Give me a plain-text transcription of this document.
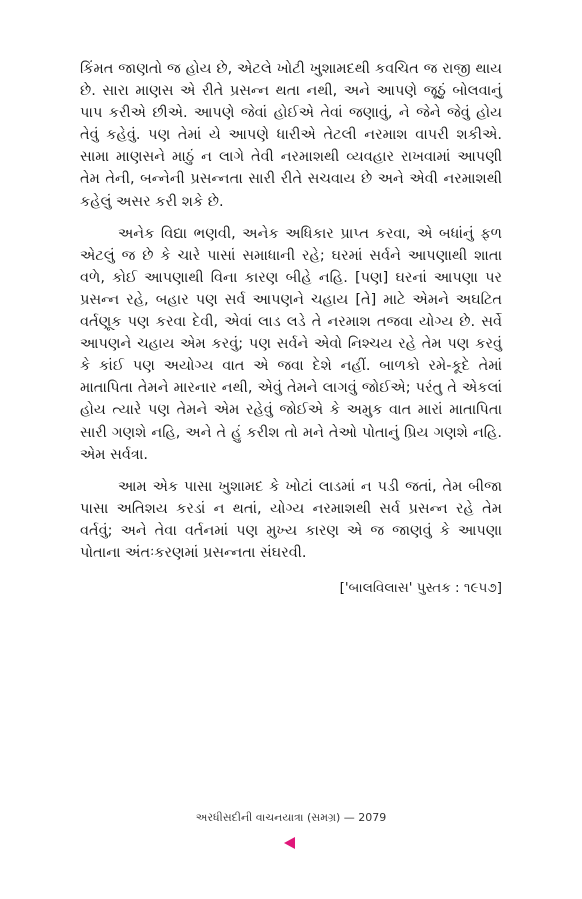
કિંમત જાણતો જ હોય છે, એટલે ખોટી ખુશામદથી કવચિત જ રાજી થાય છે. સારા માણસ એ રીતે પ્રસન્ન થતા નથી, અને આપણે જૂઠું બોલવાનું પાપ કરીએ છીએ. આપણે જેવાં હોઈએ તેવાં જણાવું, ને જેને જેવું હોય તેવું કહેવું. પણ તેમાં યે આપણે ધારીએ તેટલી નરમાશ વાપરી શકીએ. સામા માણસને માઠું ન લાગે તેવી નરમાશથી વ્યવહાર રાખવામાં આપણી તેમ તેની, બન્નેની પ્રસન્નતા સારી રીતે સચવાય છે અને એવી નરમાશથી કહેલું અસર કરી શકે છે.

અનેક વિદ્યા ભણવી, અનેક અધિકાર પ્રાપ્ત કરવા, એ બધાંનું ફળ એટલું જ છે કે ચારે પાસાં સમાધાની રહે; ઘરમાં સર્વને આપણાથી શાતા વળે, કોઈ આપણાથી વિના કારણ બીહે નહિ. [પણ] ઘરનાં આપણા પર પ્રસન્ન રહે, બહાર પણ સર્વ આપણને ચહાય [તે] માટે એમને અઘટિત વર્તણૂક પણ કરવા દેવી, એવાં લાડ લડે તે નરમાશ તજવા યોગ્ય છે. સર્વે આપણને ચહાય એમ કરવું; પણ સર્વને એવો નિશ્ચય રહે તેમ પણ કરવું કે કાંઈ પણ અયોગ્ય વાત એ જવા દેશે નહીં. બાળકો રમે-કૂદે તેમાં માતાપિતા તેમને મારનાર નથી, એવું તેમને લાગવું જોઈએ; પરંતુ તે એકલાં હોય ત્યારે પણ તેમને એમ રહેવું જોઈએ કે અમુક વાત મારાં માતાપિતા સારી ગણશે નહિ, અને તે હું કરીશ તો મને તેઓ પોતાનું પ્રિય ગણશે નહિ. એમ સર્વત્રા.

આમ એક પાસા ખુશામદ કે ખોટાં લાડમાં ન પડી જતાં, તેમ બીજા પાસા અતિશય કરડાં ન થતાં, યોગ્ય નરમાશથી સર્વ પ્રસન્ન રહે તેમ વર્તવું; અને તેવા વર્તનમાં પણ મુખ્ય કારણ એ જ જાણવું કે આપણા પોતાના અંતઃકરણમાં પ્રસન્નતા સંઘરવી.

['બાલવિલાસ' પુસ્તક : ૧૯૫૭]
અરધીસદીની વાચનયાત્રા (સમગ્ર) — 2079
